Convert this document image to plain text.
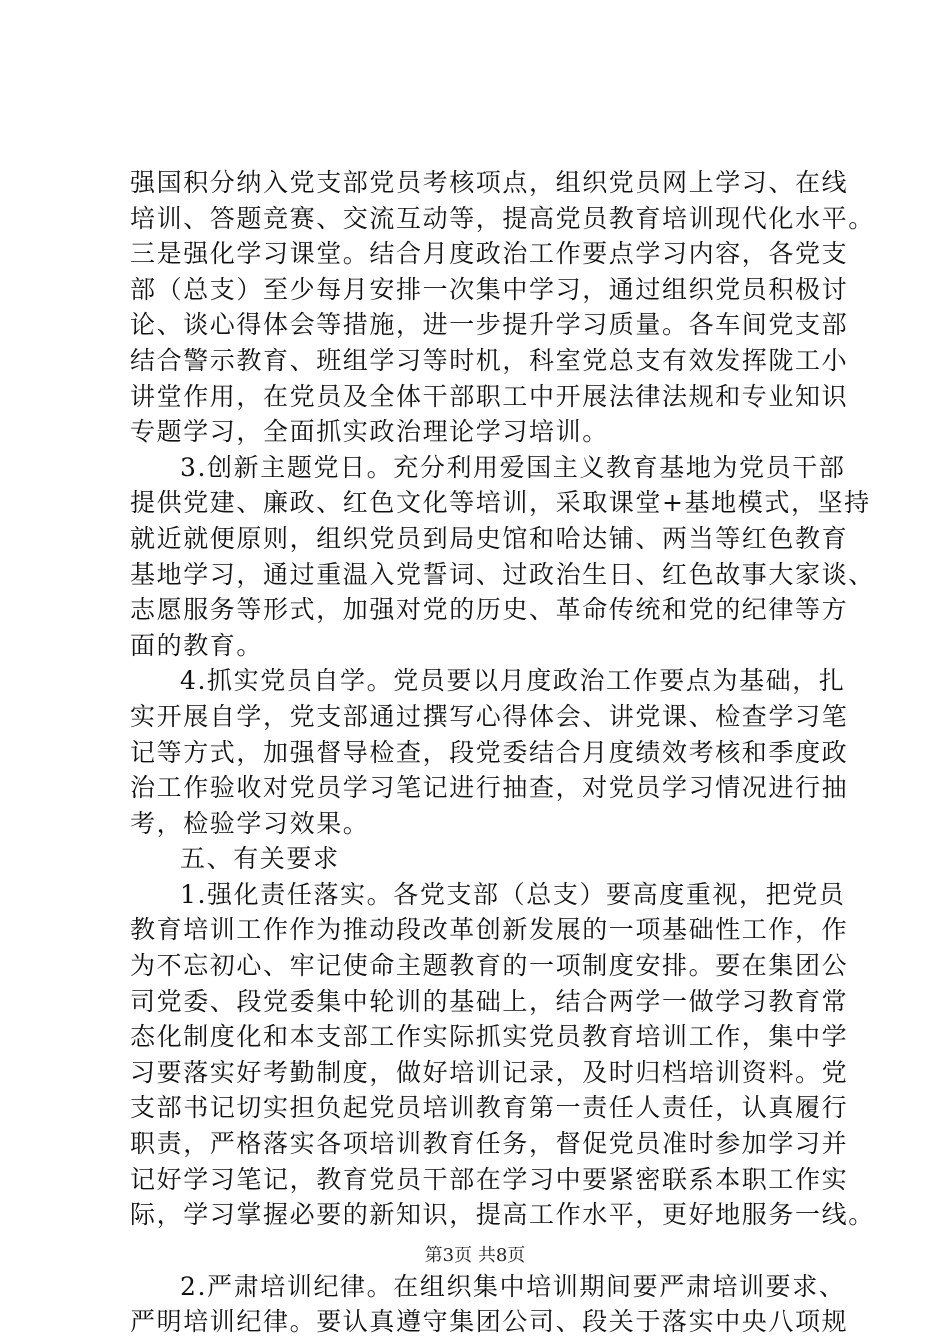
强国积分纳入党支部党员考核项点，组织党员网上学习、在线
培训、答题竞赛、交流互动等，提高党员教育培训现代化水平。
三是强化学习课堂。结合月度政治工作要点学习内容，各党支
部（总支）至少每月安排一次集中学习，通过组织党员积极讨
论、谈心得体会等措施，进一步提升学习质量。各车间党支部
结合警示教育、班组学习等时机，科室党总支有效发挥陇工小
讲堂作用，在党员及全体干部职工中开展法律法规和专业知识
专题学习，全面抓实政治理论学习培训。
3.创新主题党日。充分利用爱国主义教育基地为党员干部
提供党建、廉政、红色文化等培训，采取课堂+基地模式，坚持
就近就便原则，组织党员到局史馆和哈达铺、两当等红色教育
基地学习，通过重温入党誓词、过政治生日、红色故事大家谈、
志愿服务等形式，加强对党的历史、革命传统和党的纪律等方
面的教育。
4.抓实党员自学。党员要以月度政治工作要点为基础，扎
实开展自学，党支部通过撰写心得体会、讲党课、检查学习笔
记等方式，加强督导检查，段党委结合月度绩效考核和季度政
治工作验收对党员学习笔记进行抽查，对党员学习情况进行抽
考，检验学习效果。
五、有关要求
1.强化责任落实。各党支部（总支）要高度重视，把党员
教育培训工作作为推动段改革创新发展的一项基础性工作，作
为不忘初心、牢记使命主题教育的一项制度安排。要在集团公
司党委、段党委集中轮训的基础上，结合两学一做学习教育常
态化制度化和本支部工作实际抓实党员教育培训工作，集中学
习要落实好考勤制度，做好培训记录，及时归档培训资料。党
支部书记切实担负起党员培训教育第一责任人责任，认真履行
职责，严格落实各项培训教育任务，督促党员准时参加学习并
记好学习笔记，教育党员干部在学习中要紧密联系本职工作实
际，学习掌握必要的新知识，提高工作水平，更好地服务一线。
2.严肃培训纪律。在组织集中培训期间要严肃培训要求、
严明培训纪律。要认真遵守集团公司、段关于落实中央八项规
第3页 共8页
